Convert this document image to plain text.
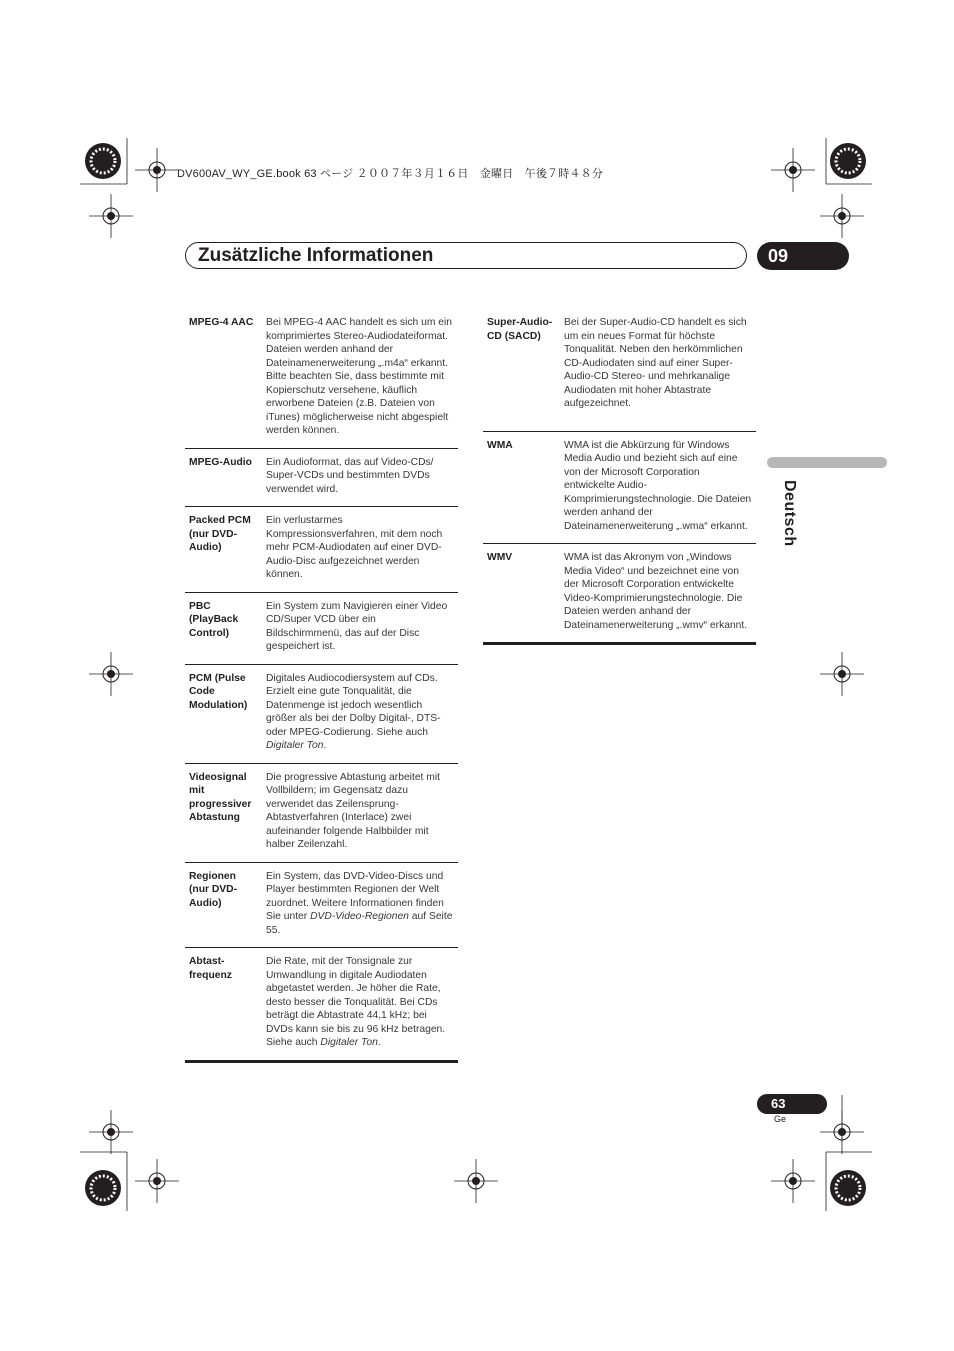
DV600AV_WY_GE.book 63 ページ ２００７年３月１６日　金曜日　午後７時４８分
Zusätzliche Informationen	09
Deutsch
MPEG-4 AAC	Bei MPEG-4 AAC handelt es sich um ein komprimiertes Stereo-Audiodateiformat. Dateien werden anhand der Dateinamenerweiterung „.m4a“ erkannt.
Bitte beachten Sie, dass bestimmte mit Kopierschutz versehene, käuflich erworbene Dateien (z.B. Dateien von iTunes) möglicherweise nicht abgespielt werden können.
MPEG-Audio	Ein Audioformat, das auf Video-CDs/ Super-VCDs und bestimmten DVDs verwendet wird.
Packed PCM (nur DVD-Audio)	Ein verlustarmes Kompressionsverfahren, mit dem noch mehr PCM-Audiodaten auf einer DVD-Audio-Disc aufgezeichnet werden können.
PBC (PlayBack Control)	Ein System zum Navigieren einer Video CD/Super VCD über ein Bildschirmmenü, das auf der Disc gespeichert ist.
PCM (Pulse Code Modulation)	Digitales Audiocodiersystem auf CDs. Erzielt eine gute Tonqualität, die Datenmenge ist jedoch wesentlich größer als bei der Dolby Digital-, DTS- oder MPEG-Codierung. Siehe auch Digitaler Ton.
Videosignal mit progressiver Abtastung	Die progressive Abtastung arbeitet mit Vollbildern; im Gegensatz dazu verwendet das Zeilensprung-Abtastverfahren (Interlace) zwei aufeinander folgende Halbbilder mit halber Zeilenzahl.
Regionen (nur DVD-Audio)	Ein System, das DVD-Video-Discs und Player bestimmten Regionen der Welt zuordnet. Weitere Informationen finden Sie unter DVD-Video-Regionen auf Seite 55.
Abtast-frequenz	Die Rate, mit der Tonsignale zur Umwandlung in digitale Audiodaten abgetastet werden. Je höher die Rate, desto besser die Tonqualität. Bei CDs beträgt die Abtastrate 44,1 kHz; bei DVDs kann sie bis zu 96 kHz betragen. Siehe auch Digitaler Ton.
Super-Audio-CD (SACD)	Bei der Super-Audio-CD handelt es sich um ein neues Format für höchste Tonqualität. Neben den herkömmlichen CD-Audiodaten sind auf einer Super-Audio-CD Stereo- und mehrkanalige Audiodaten mit hoher Abtastrate aufgezeichnet.
WMA	WMA ist die Abkürzung für Windows Media Audio und bezieht sich auf eine von der Microsoft Corporation entwickelte Audio-Komprimierungstechnologie. Die Dateien werden anhand der Dateinamenerweiterung „.wma“ erkannt.
WMV	WMA ist das Akronym von „Windows Media Video“ und bezeichnet eine von der Microsoft Corporation entwickelte Video-Komprimierungstechnologie. Die Dateien werden anhand der Dateinamenerweiterung „.wmv“ erkannt.
63
Ge
